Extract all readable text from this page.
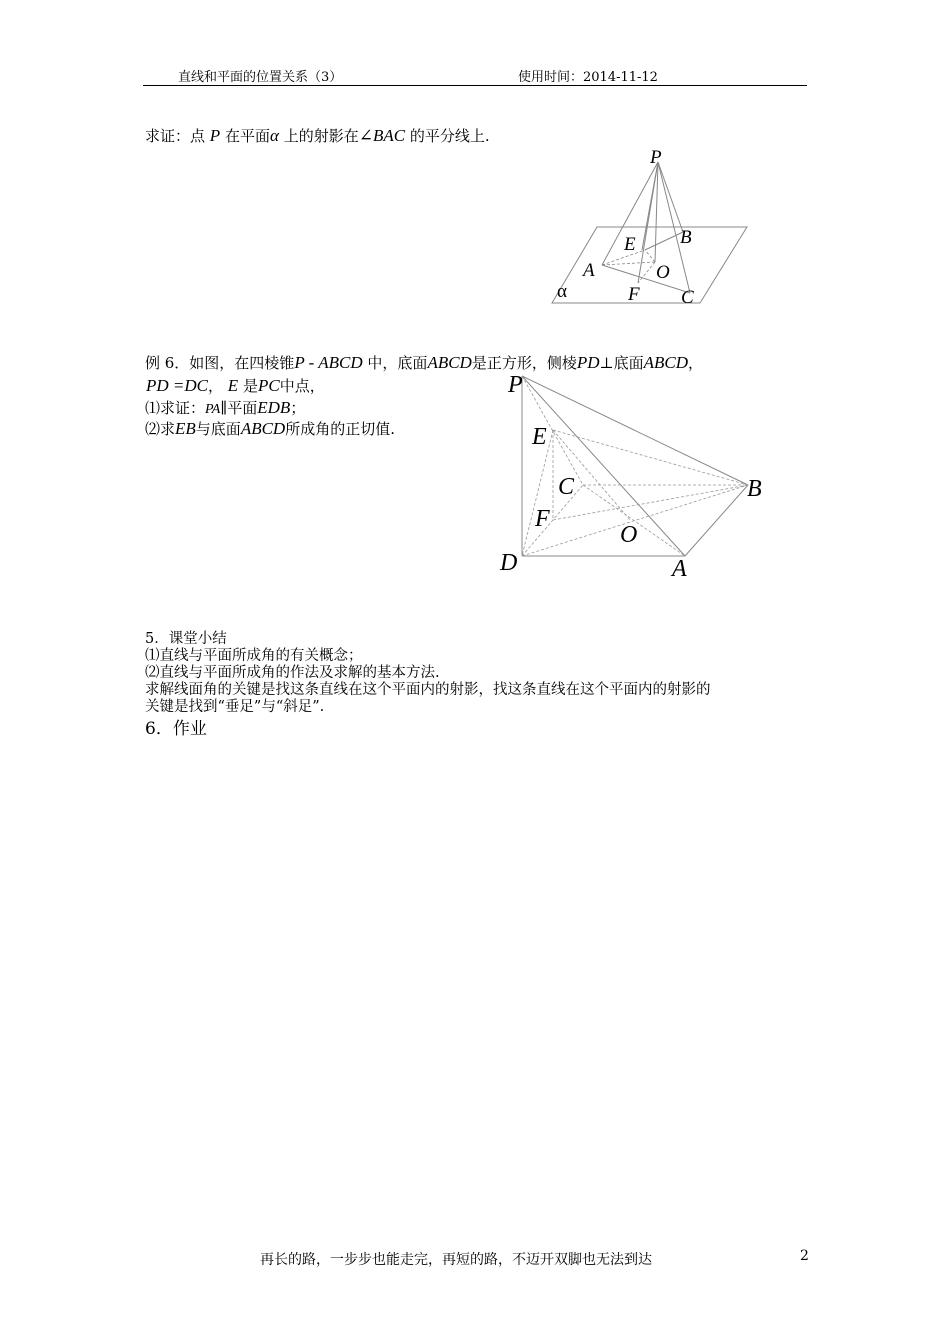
直线和平面的位置关系（3）	使用时间：2014-11-12
求证：点 P 在平面α 上的射影在∠BAC 的平分线上.
P
E B
A	O
F C
α
例 6．如图，在四棱锥P - ABCD 中，底面ABCD是正方形，侧棱PD⊥底面ABCD，
PD =DC， E 是PC中点，
⑴求证：PA∥平面EDB；
⑵求EB与底面ABCD所成角的正切值.
P
E
C	B
F
O
D	A
5．课堂小结
⑴直线与平面所成角的有关概念；
⑵直线与平面所成角的作法及求解的基本方法.
求解线面角的关键是找这条直线在这个平面内的射影，找这条直线在这个平面内的射影的
关键是找到“垂足”与“斜足”.
6．作业
再长的路，一步步也能走完，再短的路，不迈开双脚也无法到达	2
